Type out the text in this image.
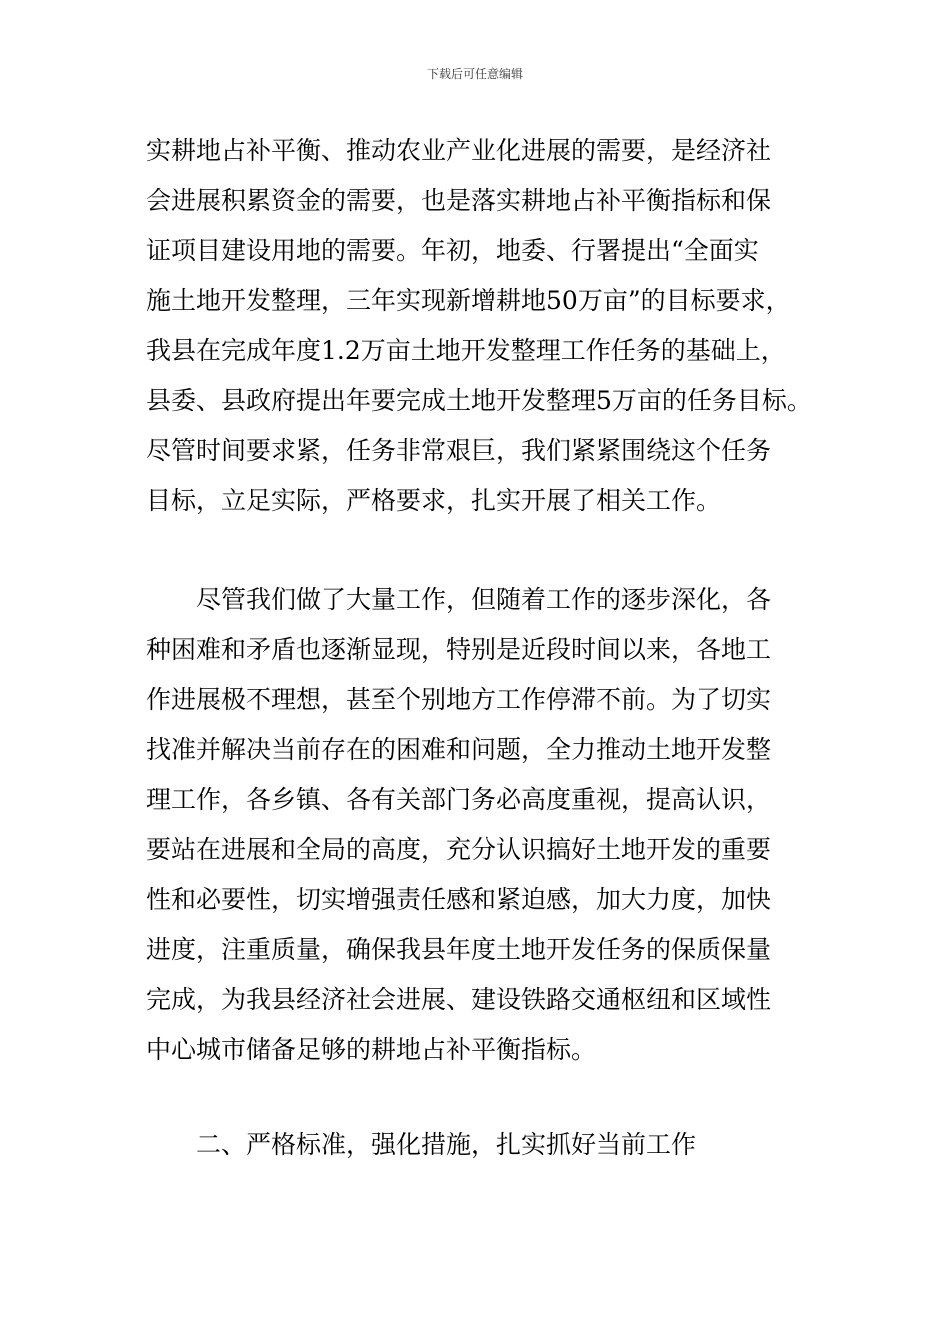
下载后可任意编辑
实耕地占补平衡、推动农业产业化进展的需要，是经济社
会进展积累资金的需要，也是落实耕地占补平衡指标和保
证项目建设用地的需要。年初，地委、行署提出“全面实
施土地开发整理，三年实现新增耕地50万亩”的目标要求，
我县在完成年度1.2万亩土地开发整理工作任务的基础上，
县委、县政府提出年要完成土地开发整理5万亩的任务目标。
尽管时间要求紧，任务非常艰巨，我们紧紧围绕这个任务
目标，立足实际，严格要求，扎实开展了相关工作。
尽管我们做了大量工作，但随着工作的逐步深化，各
种困难和矛盾也逐渐显现，特别是近段时间以来，各地工
作进展极不理想，甚至个别地方工作停滞不前。为了切实
找准并解决当前存在的困难和问题，全力推动土地开发整
理工作，各乡镇、各有关部门务必高度重视，提高认识，
要站在进展和全局的高度，充分认识搞好土地开发的重要
性和必要性，切实增强责任感和紧迫感，加大力度，加快
进度，注重质量，确保我县年度土地开发任务的保质保量
完成，为我县经济社会进展、建设铁路交通枢纽和区域性
中心城市储备足够的耕地占补平衡指标。
二、严格标准，强化措施，扎实抓好当前工作
